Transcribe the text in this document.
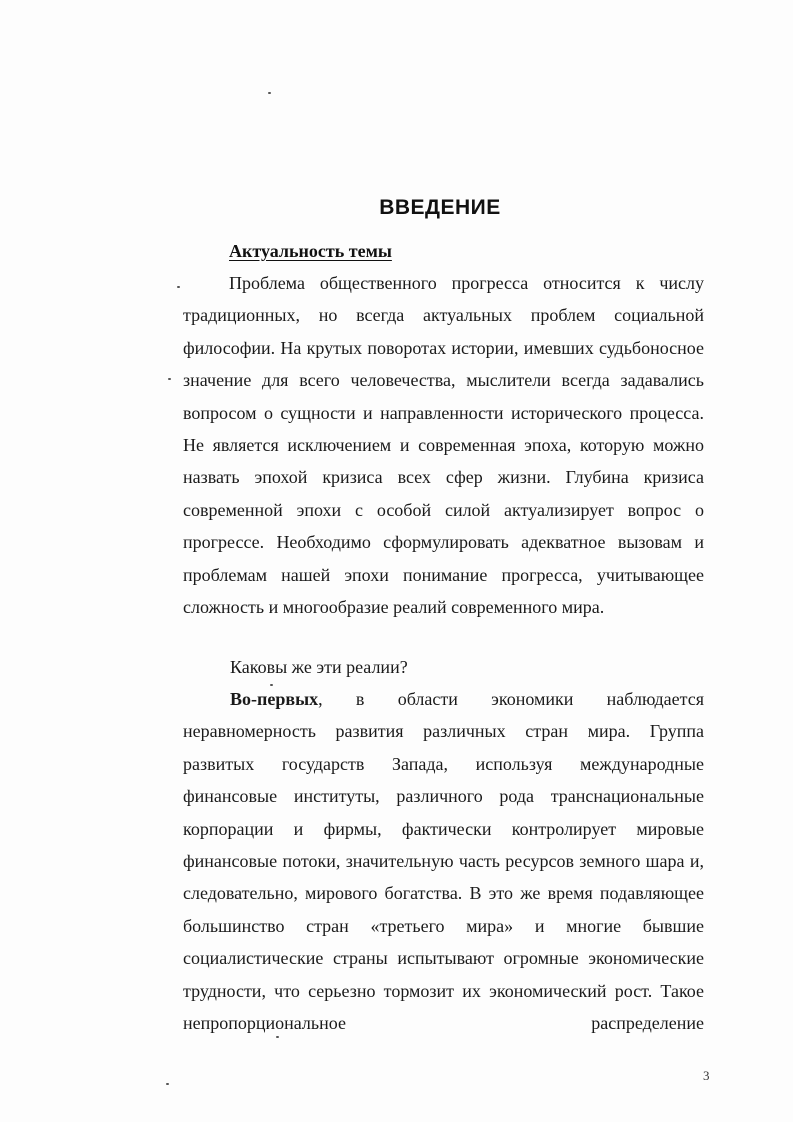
ВВЕДЕНИЕ
Актуальность темы
Проблема общественного прогресса относится к числу традиционных, но всегда актуальных проблем социальной философии. На крутых поворотах истории, имевших судьбоносное значение для всего человечества, мыслители всегда задавались вопросом о сущности и направленности исторического процесса. Не является исключением и современная эпоха, которую можно назвать эпохой кризиса всех сфер жизни. Глубина кризиса современной эпохи с особой силой актуализирует вопрос о прогрессе. Необходимо сформулировать адекватное вызовам и проблемам нашей эпохи понимание прогресса, учитывающее сложность и многообразие реалий современного мира.
Каковы же эти реалии?
Во-первых, в области экономики наблюдается неравномерность развития различных стран мира. Группа развитых государств Запада, используя международные финансовые институты, различного рода транснациональные корпорации и фирмы, фактически контролирует мировые финансовые потоки, значительную часть ресурсов земного шара и, следовательно, мирового богатства. В это же время подавляющее большинство стран «третьего мира» и многие бывшие социалистические страны испытывают огромные экономические трудности, что серьезно тормозит их экономический рост. Такое непропорциональное распределение
3
